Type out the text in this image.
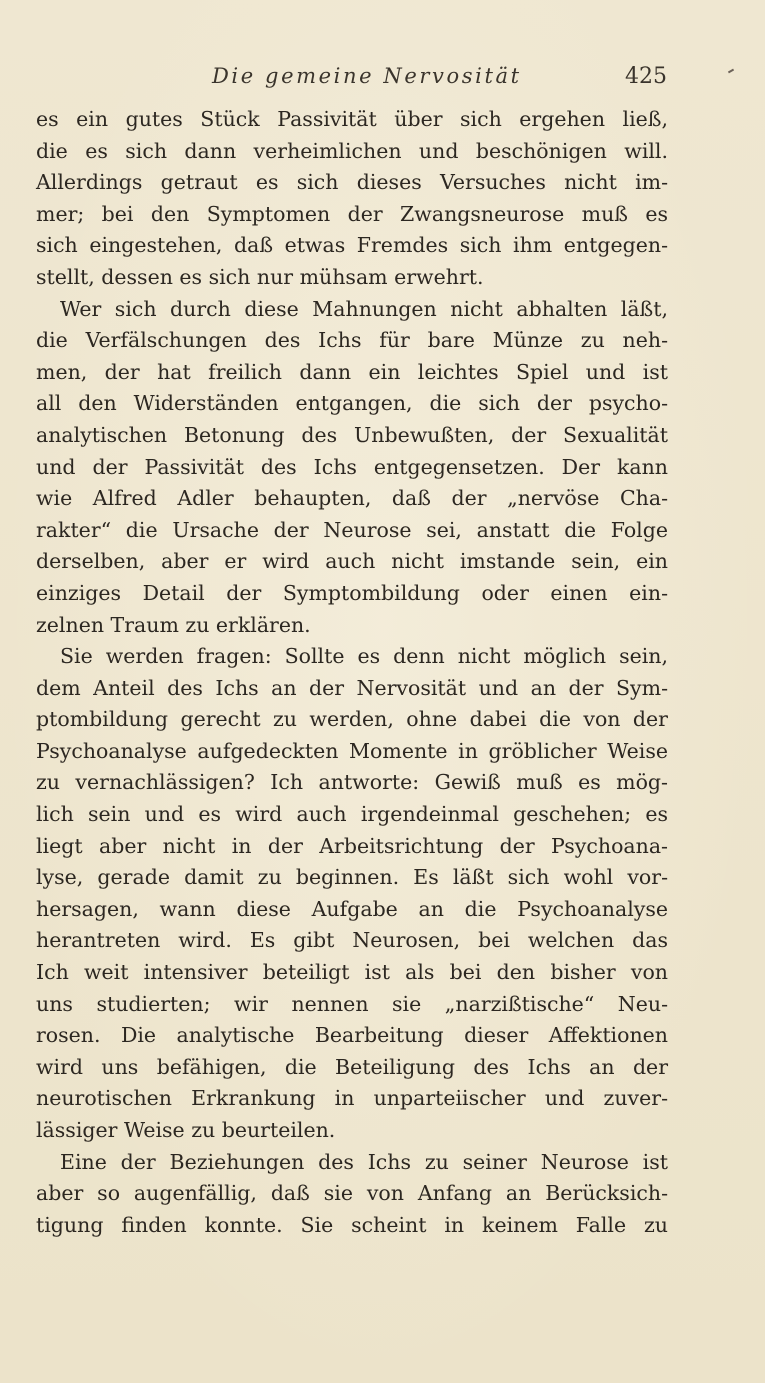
Die gemeine Nervosität	425
es ein gutes Stück Passivität über sich ergehen ließ,
die es sich dann verheimlichen und beschönigen will.
Allerdings getraut es sich dieses Versuches nicht im-
mer; bei den Symptomen der Zwangsneurose muß es
sich eingestehen, daß etwas Fremdes sich ihm entgegen-
stellt, dessen es sich nur mühsam erwehrt.
Wer sich durch diese Mahnungen nicht abhalten läßt,
die Verfälschungen des Ichs für bare Münze zu neh-
men, der hat freilich dann ein leichtes Spiel und ist
all den Widerständen entgangen, die sich der psycho-
analytischen Betonung des Unbewußten, der Sexualität
und der Passivität des Ichs entgegensetzen. Der kann
wie Alfred Adler behaupten, daß der „nervöse Cha-
rakter“ die Ursache der Neurose sei, anstatt die Folge
derselben, aber er wird auch nicht imstande sein, ein
einziges Detail der Symptombildung oder einen ein-
zelnen Traum zu erklären.
Sie werden fragen: Sollte es denn nicht möglich sein,
dem Anteil des Ichs an der Nervosität und an der Sym-
ptombildung gerecht zu werden, ohne dabei die von der
Psychoanalyse aufgedeckten Momente in gröblicher Weise
zu vernachlässigen? Ich antworte: Gewiß muß es mög-
lich sein und es wird auch irgendeinmal geschehen; es
liegt aber nicht in der Arbeitsrichtung der Psychoana-
lyse, gerade damit zu beginnen. Es läßt sich wohl vor-
hersagen, wann diese Aufgabe an die Psychoanalyse
herantreten wird. Es gibt Neurosen, bei welchen das
Ich weit intensiver beteiligt ist als bei den bisher von
uns studierten; wir nennen sie „narzißtische“ Neu-
rosen. Die analytische Bearbeitung dieser Affektionen
wird uns befähigen, die Beteiligung des Ichs an der
neurotischen Erkrankung in unparteiischer und zuver-
lässiger Weise zu beurteilen.
Eine der Beziehungen des Ichs zu seiner Neurose ist
aber so augenfällig, daß sie von Anfang an Berücksich-
tigung finden konnte. Sie scheint in keinem Falle zu
